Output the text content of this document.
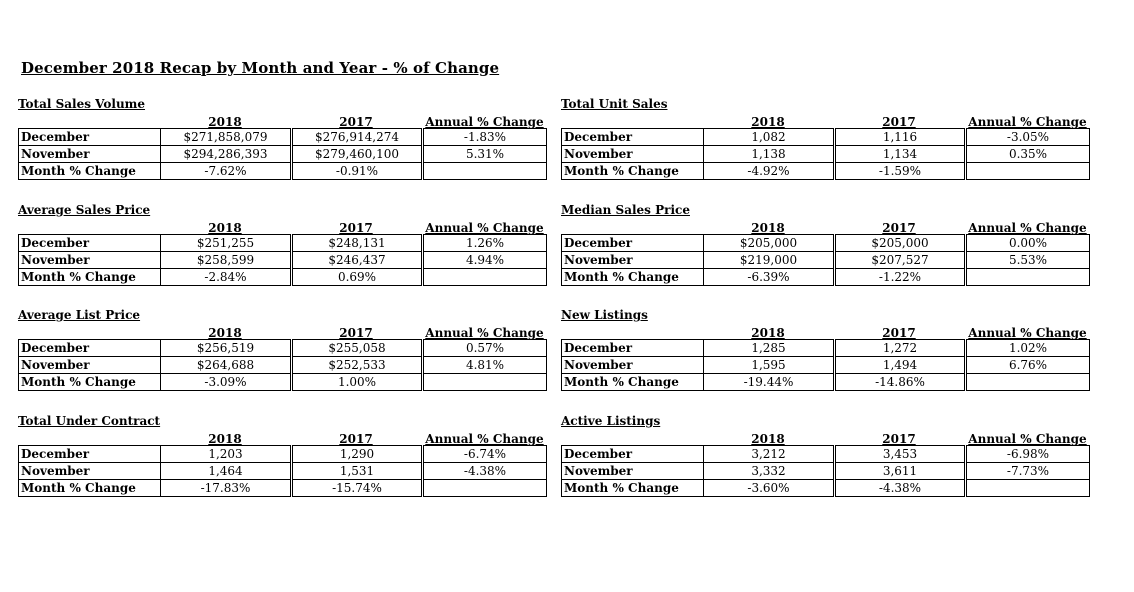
December 2018 Recap by Month and Year - % of Change
Total Sales Volume
2018	2017	Annual % Change
December	$271,858,079	$276,914,274	-1.83%
November	$294,286,393	$279,460,100	5.31%
Month % Change	-7.62%	-0.91%	
Total Unit Sales
2018	2017	Annual % Change
December	1,082	1,116	-3.05%
November	1,138	1,134	0.35%
Month % Change	-4.92%	-1.59%	
Average Sales Price
2018	2017	Annual % Change
December	$251,255	$248,131	1.26%
November	$258,599	$246,437	4.94%
Month % Change	-2.84%	0.69%	
Median Sales Price
2018	2017	Annual % Change
December	$205,000	$205,000	0.00%
November	$219,000	$207,527	5.53%
Month % Change	-6.39%	-1.22%	
Average List Price
2018	2017	Annual % Change
December	$256,519	$255,058	0.57%
November	$264,688	$252,533	4.81%
Month % Change	-3.09%	1.00%	
New Listings
2018	2017	Annual % Change
December	1,285	1,272	1.02%
November	1,595	1,494	6.76%
Month % Change	-19.44%	-14.86%	
Total Under Contract
2018	2017	Annual % Change
December	1,203	1,290	-6.74%
November	1,464	1,531	-4.38%
Month % Change	-17.83%	-15.74%	
Active Listings
2018	2017	Annual % Change
December	3,212	3,453	-6.98%
November	3,332	3,611	-7.73%
Month % Change	-3.60%	-4.38%	
